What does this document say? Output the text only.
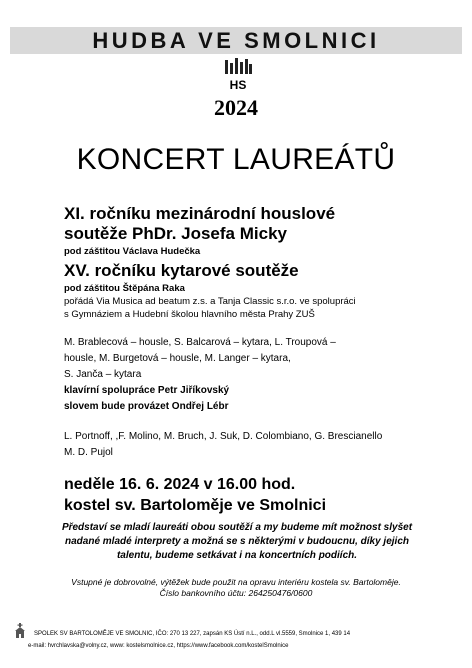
HUDBA VE SMOLNICI
HS
2024
KONCERT LAUREÁTŮ
XI. ročníku mezinárodní houslové
soutěže PhDr. Josefa Micky
pod záštitou Václava Hudečka
XV. ročníku kytarové soutěže
pod záštitou Štěpána Raka
pořádá Via Musica ad beatum z.s. a Tanja Classic s.r.o. ve spolupráci
s Gymnáziem a Hudební školou hlavního města Prahy ZUŠ
M. Brablecová – housle, S. Balcarová – kytara, L. Troupová –
housle, M. Burgetová – housle, M. Langer – kytara,
S. Janča – kytara
klavírní spolupráce Petr Jiříkovský
slovem bude provázet Ondřej Lébr
L. Portnoff, ,F. Molino, M. Bruch, J. Suk, D. Colombiano, G. Brescianello
M. D. Pujol
neděle 16. 6. 2024 v 16.00 hod.
kostel sv. Bartoloměje ve Smolnici
Představí se mladí laureáti obou soutěží a my budeme mít možnost slyšet
nadané mladé interprety a možná se s některými v budoucnu, díky jejich
talentu, budeme setkávat i na koncertních podiích.
Vstupné je dobrovolné, výtěžek bude použit na opravu interiéru kostela sv. Bartoloměje.
Číslo bankovního účtu: 264250476/0600
SPOLEK SV BARTOLOMĚJE VE SMOLNIC, IČO: 270 13 227, zapsán KS Ústí n.L., odd.L vl.5559, Smolnice 1, 439 14
e-mail: hvrchlavska@volny.cz, www: kostelsmolnice.cz, https://www.facebook.com/kostelSmolnice
